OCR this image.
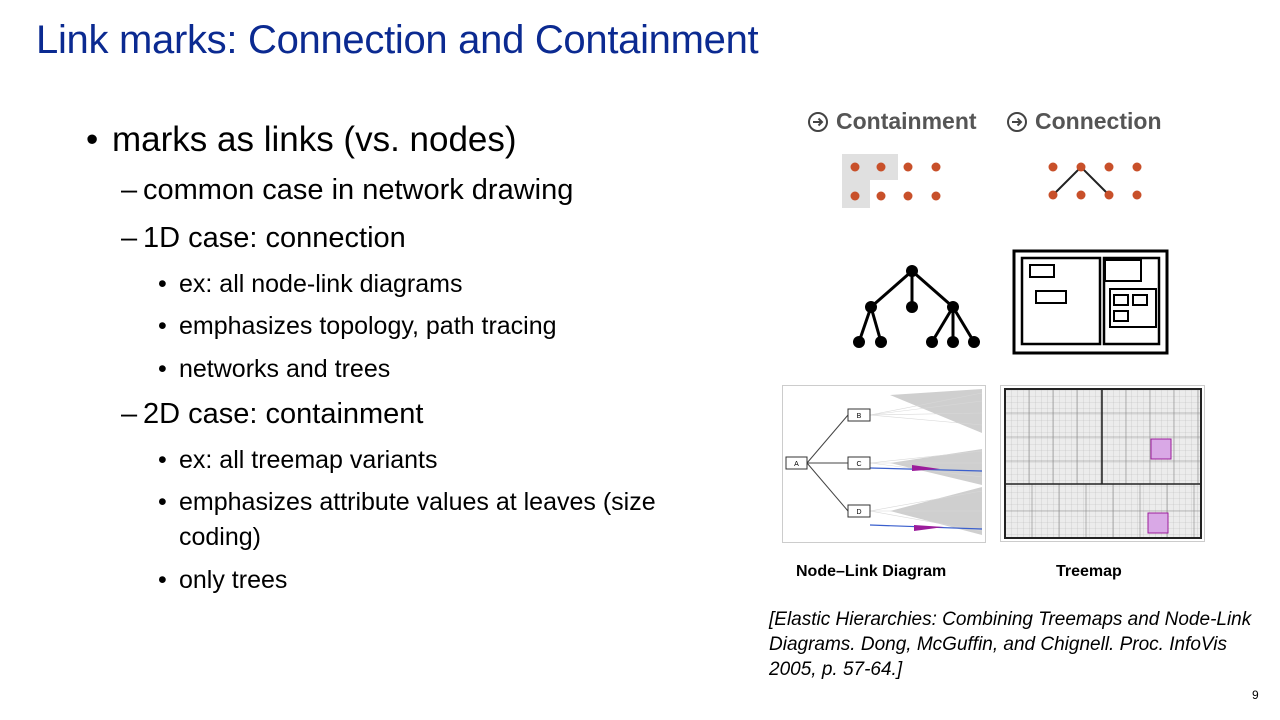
Link marks: Connection and Containment
• marks as links (vs. nodes)
– common case in network drawing
– 1D case: connection
• ex: all node-link diagrams
• emphasizes topology, path tracing
• networks and trees
– 2D case: containment
• ex: all treemap variants
• emphasizes attribute values at leaves (size
coding)
• only trees
Containment	Connection
A
B
C
D
Node–Link Diagram	Treemap
[Elastic Hierarchies: Combining Treemaps and Node-Link Diagrams. Dong, McGuffin, and Chignell. Proc. InfoVis 2005, p. 57-64.]
9
